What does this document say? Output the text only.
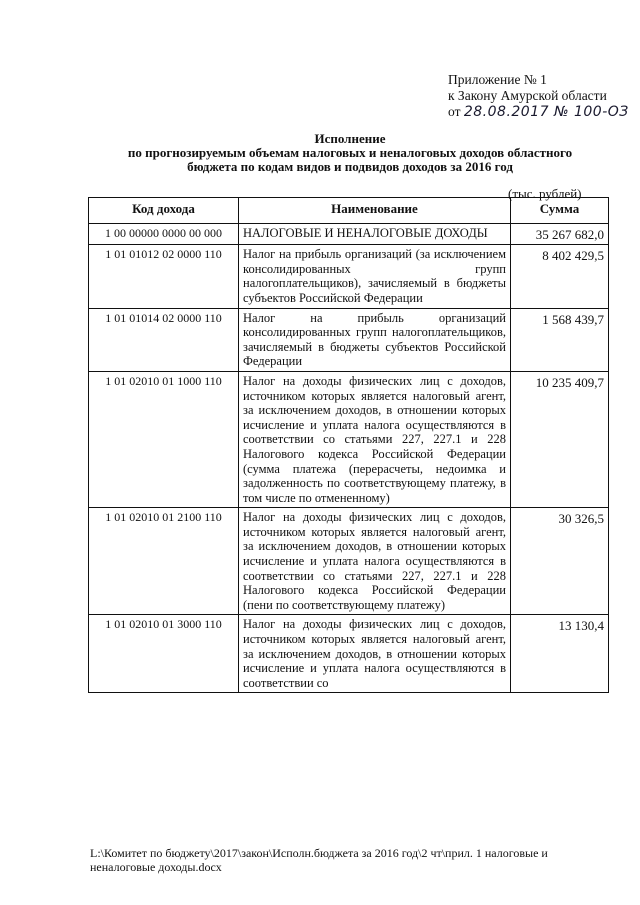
Приложение № 1
к Закону Амурской области
от 28.08.2017 № 100-ОЗ
Исполнение
по прогнозируемым объемам налоговых и неналоговых доходов областного
бюджета по кодам видов и подвидов доходов за 2016 год
(тыс. рублей)
Код дохода	Наименование	Сумма
1 00 00000 0000 00 000	НАЛОГОВЫЕ И НЕНАЛОГОВЫЕ ДОХОДЫ	35 267 682,0
1 01 01012 02 0000 110	Налог на прибыль организаций (за исключением консолидированных групп налогоплательщиков), зачисляемый в бюджеты субъектов Российской Федерации	8 402 429,5
1 01 01014 02 0000 110	Налог на прибыль организаций консолидированных групп налогоплательщиков, зачисляемый в бюджеты субъектов Российской Федерации	1 568 439,7
1 01 02010 01 1000 110	Налог на доходы физических лиц с доходов, источником которых является налоговый агент, за исключением доходов, в отношении которых исчисление и уплата налога осуществляются в соответствии со статьями 227, 227.1 и 228 Налогового кодекса Российской Федерации (сумма платежа (перерасчеты, недоимка и задолженность по соответствующему платежу, в том числе по отмененному)	10 235 409,7
1 01 02010 01 2100 110	Налог на доходы физических лиц с доходов, источником которых является налоговый агент, за исключением доходов, в отношении которых исчисление и уплата налога осуществляются в соответствии со статьями 227, 227.1 и 228 Налогового кодекса Российской Федерации (пени по соответствующему платежу)	30 326,5
1 01 02010 01 3000 110	Налог на доходы физических лиц с доходов, источником которых является налоговый агент, за исключением доходов, в отношении которых исчисление и уплата налога осуществляются в соответствии со	13 130,4
L:\Комитет по бюджету\2017\закон\Исполн.бюджета за 2016 год\2 чт\прил. 1 налоговые и неналоговые доходы.docx
